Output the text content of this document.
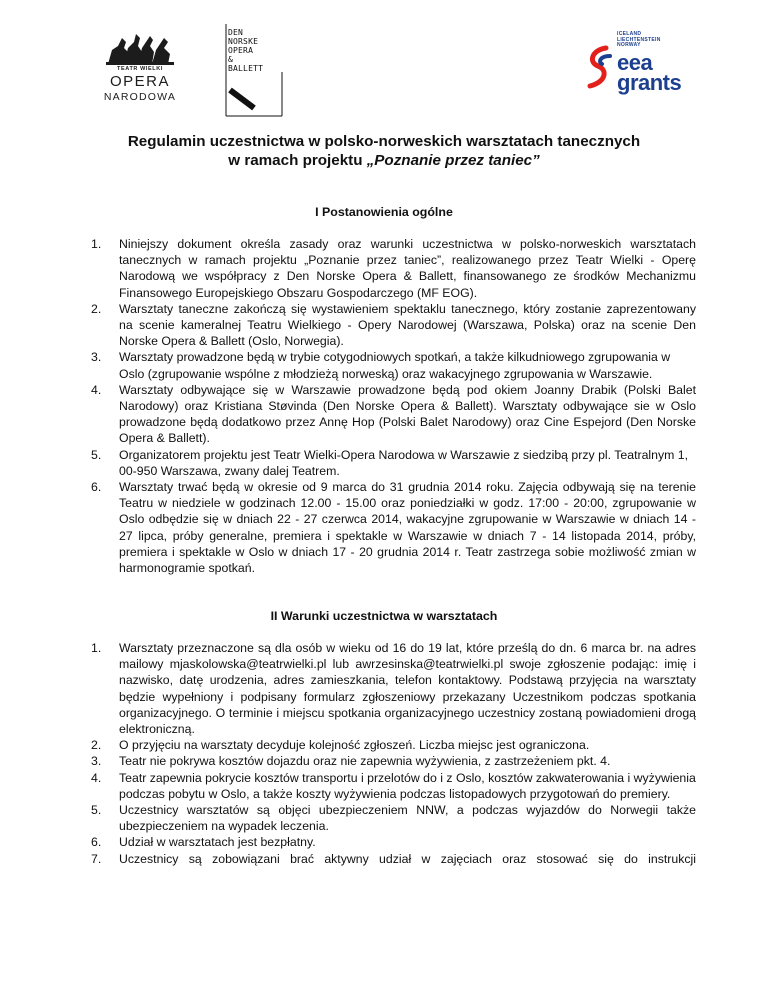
TEATR WIELKI
OPERA
NARODOWA
DEN
NORSKE
OPERA
&
BALLETT
ICELAND
LIECHTENSTEIN
NORWAY
eea
grants
Regulamin uczestnictwa w polsko-norweskich warsztatach tanecznych
w ramach projektu „Poznanie przez taniec”
I Postanowienia ogólne
1. Niniejszy dokument określa zasady oraz warunki uczestnictwa w polsko-norweskich warsztatach tanecznych w ramach projektu „Poznanie przez taniec”, realizowanego przez Teatr Wielki - Operę Narodową we współpracy z Den Norske Opera & Ballett, finansowanego ze środków Mechanizmu Finansowego Europejskiego Obszaru Gospodarczego (MF EOG).
2. Warsztaty taneczne zakończą się wystawieniem spektaklu tanecznego, który zostanie zaprezentowany na scenie kameralnej Teatru Wielkiego - Opery Narodowej (Warszawa, Polska) oraz na scenie Den Norske Opera & Ballett (Oslo, Norwegia).
3. Warsztaty prowadzone będą w trybie cotygodniowych spotkań, a także kilkudniowego zgrupowania w Oslo (zgrupowanie wspólne z młodzieżą norweską) oraz wakacyjnego zgrupowania w Warszawie.
4. Warsztaty odbywające się w Warszawie prowadzone będą pod okiem Joanny Drabik (Polski Balet Narodowy) oraz Kristiana Støvinda (Den Norske Opera & Ballett). Warsztaty odbywające sie w Oslo prowadzone będą dodatkowo przez Annę Hop (Polski Balet Narodowy) oraz Cine Espejord (Den Norske Opera & Ballett).
5. Organizatorem projektu jest Teatr Wielki-Opera Narodowa w Warszawie z siedzibą przy pl. Teatralnym 1, 00-950 Warszawa, zwany dalej Teatrem.
6. Warsztaty trwać będą w okresie od 9 marca do 31 grudnia 2014 roku. Zajęcia odbywają się na terenie Teatru w niedziele w godzinach 12.00 - 15.00 oraz poniedziałki w godz. 17:00 - 20:00, zgrupowanie w Oslo odbędzie się w dniach 22 - 27 czerwca 2014, wakacyjne zgrupowanie w Warszawie w dniach 14 - 27 lipca, próby generalne, premiera i spektakle w Warszawie w dniach 7 - 14 listopada 2014, próby, premiera i spektakle w Oslo w dniach 17 - 20 grudnia 2014 r. Teatr zastrzega sobie możliwość zmian w harmonogramie spotkań.
II Warunki uczestnictwa w warsztatach
1. Warsztaty przeznaczone są dla osób w wieku od 16 do 19 lat, które prześlą do dn. 6 marca br. na adres mailowy mjaskolowska@teatrwielki.pl lub awrzesinska@teatrwielki.pl swoje zgłoszenie podając: imię i nazwisko, datę urodzenia, adres zamieszkania, telefon kontaktowy. Podstawą przyjęcia na warsztaty będzie wypełniony i podpisany formularz zgłoszeniowy przekazany Uczestnikom podczas spotkania organizacyjnego. O terminie i miejscu spotkania organizacyjnego uczestnicy zostaną powiadomieni drogą elektroniczną.
2. O przyjęciu na warsztaty decyduje kolejność zgłoszeń. Liczba miejsc jest ograniczona.
3. Teatr nie pokrywa kosztów dojazdu oraz nie zapewnia wyżywienia, z zastrzeżeniem pkt. 4.
4. Teatr zapewnia pokrycie kosztów transportu i przelotów do i z Oslo, kosztów zakwaterowania i wyżywienia podczas pobytu w Oslo, a także koszty wyżywienia podczas listopadowych przygotowań do premiery.
5. Uczestnicy warsztatów są objęci ubezpieczeniem NNW, a podczas wyjazdów do Norwegii także ubezpieczeniem na wypadek leczenia.
6. Udział w warsztatach jest bezpłatny.
7. Uczestnicy są zobowiązani brać aktywny udział w zajęciach oraz stosować się do instrukcji
